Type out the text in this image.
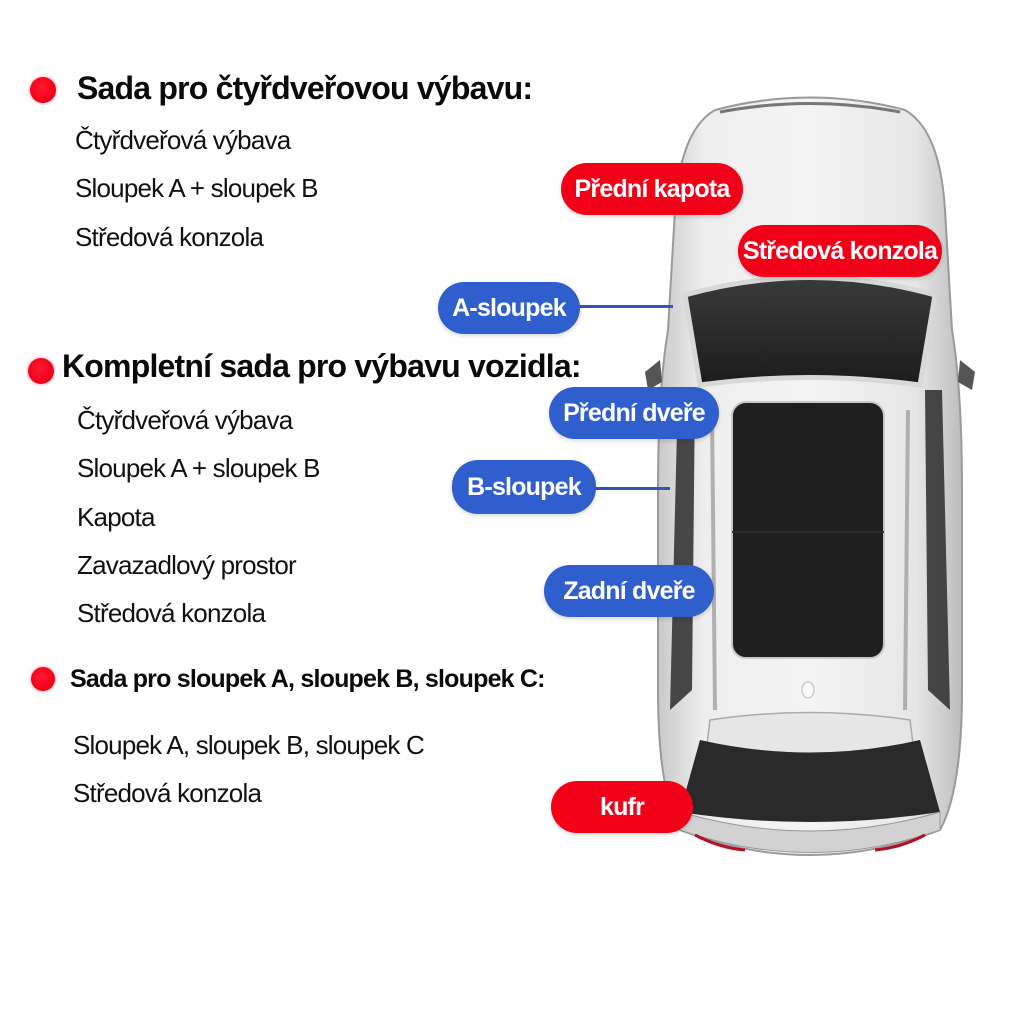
Sada pro čtyřdveřovou výbavu:
Čtyřdveřová výbava
Sloupek A + sloupek B
Středová konzola
Kompletní sada pro výbavu vozidla:
Čtyřdveřová výbava
Sloupek A + sloupek B
Kapota
Zavazadlový prostor
Středová konzola
Sada pro sloupek A, sloupek B, sloupek C:
Sloupek A, sloupek B, sloupek C
Středová konzola
Přední kapota
Středová konzola
A-sloupek
Přední dveře
B-sloupek
Zadní dveře
kufr
